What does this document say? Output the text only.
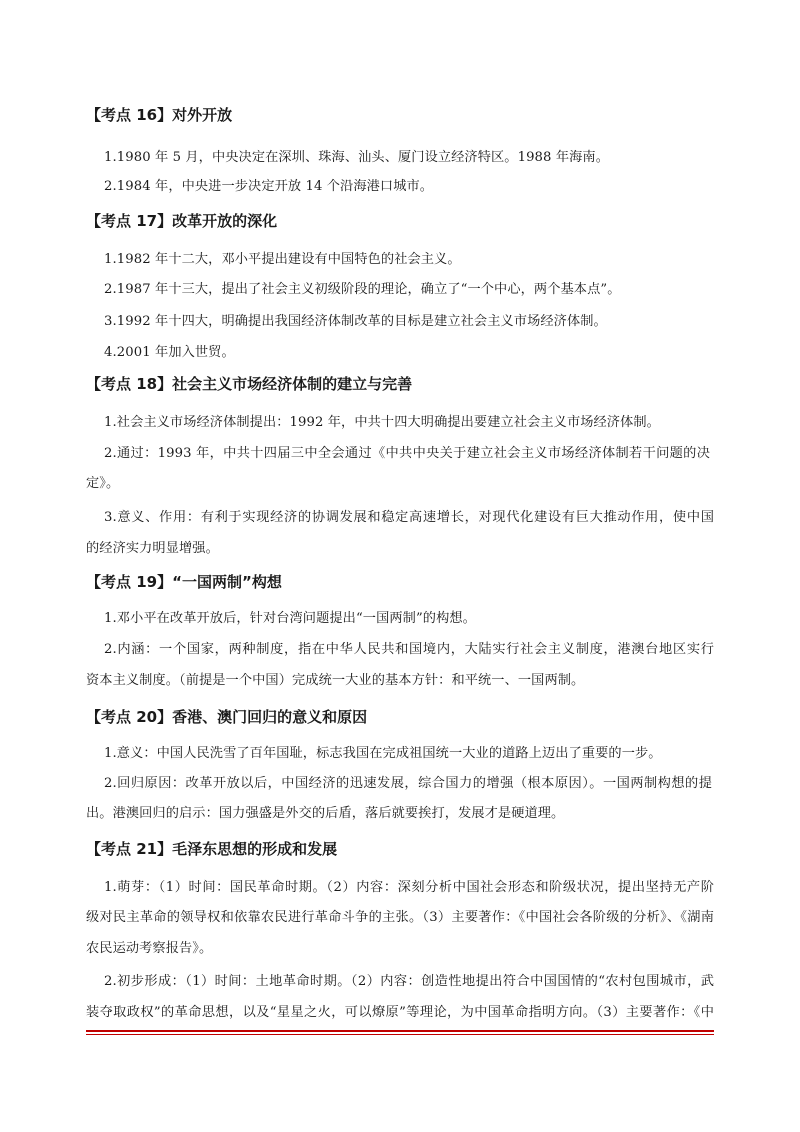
【考点 16】对外开放
1.1980 年 5 月，中央决定在深圳、珠海、汕头、厦门设立经济特区。1988 年海南。
2.1984 年，中央进一步决定开放 14 个沿海港口城市。
【考点 17】改革开放的深化
1.1982 年十二大，邓小平提出建设有中国特色的社会主义。
2.1987 年十三大，提出了社会主义初级阶段的理论，确立了“一个中心，两个基本点”。
3.1992 年十四大，明确提出我国经济体制改革的目标是建立社会主义市场经济体制。
4.2001 年加入世贸。
【考点 18】社会主义市场经济体制的建立与完善
1.社会主义市场经济体制提出：1992 年，中共十四大明确提出要建立社会主义市场经济体制。
2.通过：1993 年，中共十四届三中全会通过《中共中央关于建立社会主义市场经济体制若干问题的决
定》。
3.意义、作用：有利于实现经济的协调发展和稳定高速增长，对现代化建设有巨大推动作用，使中国
的经济实力明显增强。
【考点 19】“一国两制”构想
1.邓小平在改革开放后，针对台湾问题提出“一国两制”的构想。
2.内涵：一个国家，两种制度，指在中华人民共和国境内，大陆实行社会主义制度，港澳台地区实行
资本主义制度。（前提是一个中国）完成统一大业的基本方针：和平统一、一国两制。
【考点 20】香港、澳门回归的意义和原因
1.意义：中国人民洗雪了百年国耻，标志我国在完成祖国统一大业的道路上迈出了重要的一步。
2.回归原因：改革开放以后，中国经济的迅速发展，综合国力的增强（根本原因）。一国两制构想的提
出。港澳回归的启示：国力强盛是外交的后盾，落后就要挨打，发展才是硬道理。
【考点 21】毛泽东思想的形成和发展
1.萌芽：（1）时间：国民革命时期。（2）内容：深刻分析中国社会形态和阶级状况，提出坚持无产阶
级对民主革命的领导权和依靠农民进行革命斗争的主张。（3）主要著作：《中国社会各阶级的分析》、《湖南
农民运动考察报告》。
2.初步形成：（1）时间：土地革命时期。（2）内容：创造性地提出符合中国国情的“农村包围城市，武
装夺取政权”的革命思想，以及“星星之火，可以燎原”等理论，为中国革命指明方向。（3）主要著作：《中
